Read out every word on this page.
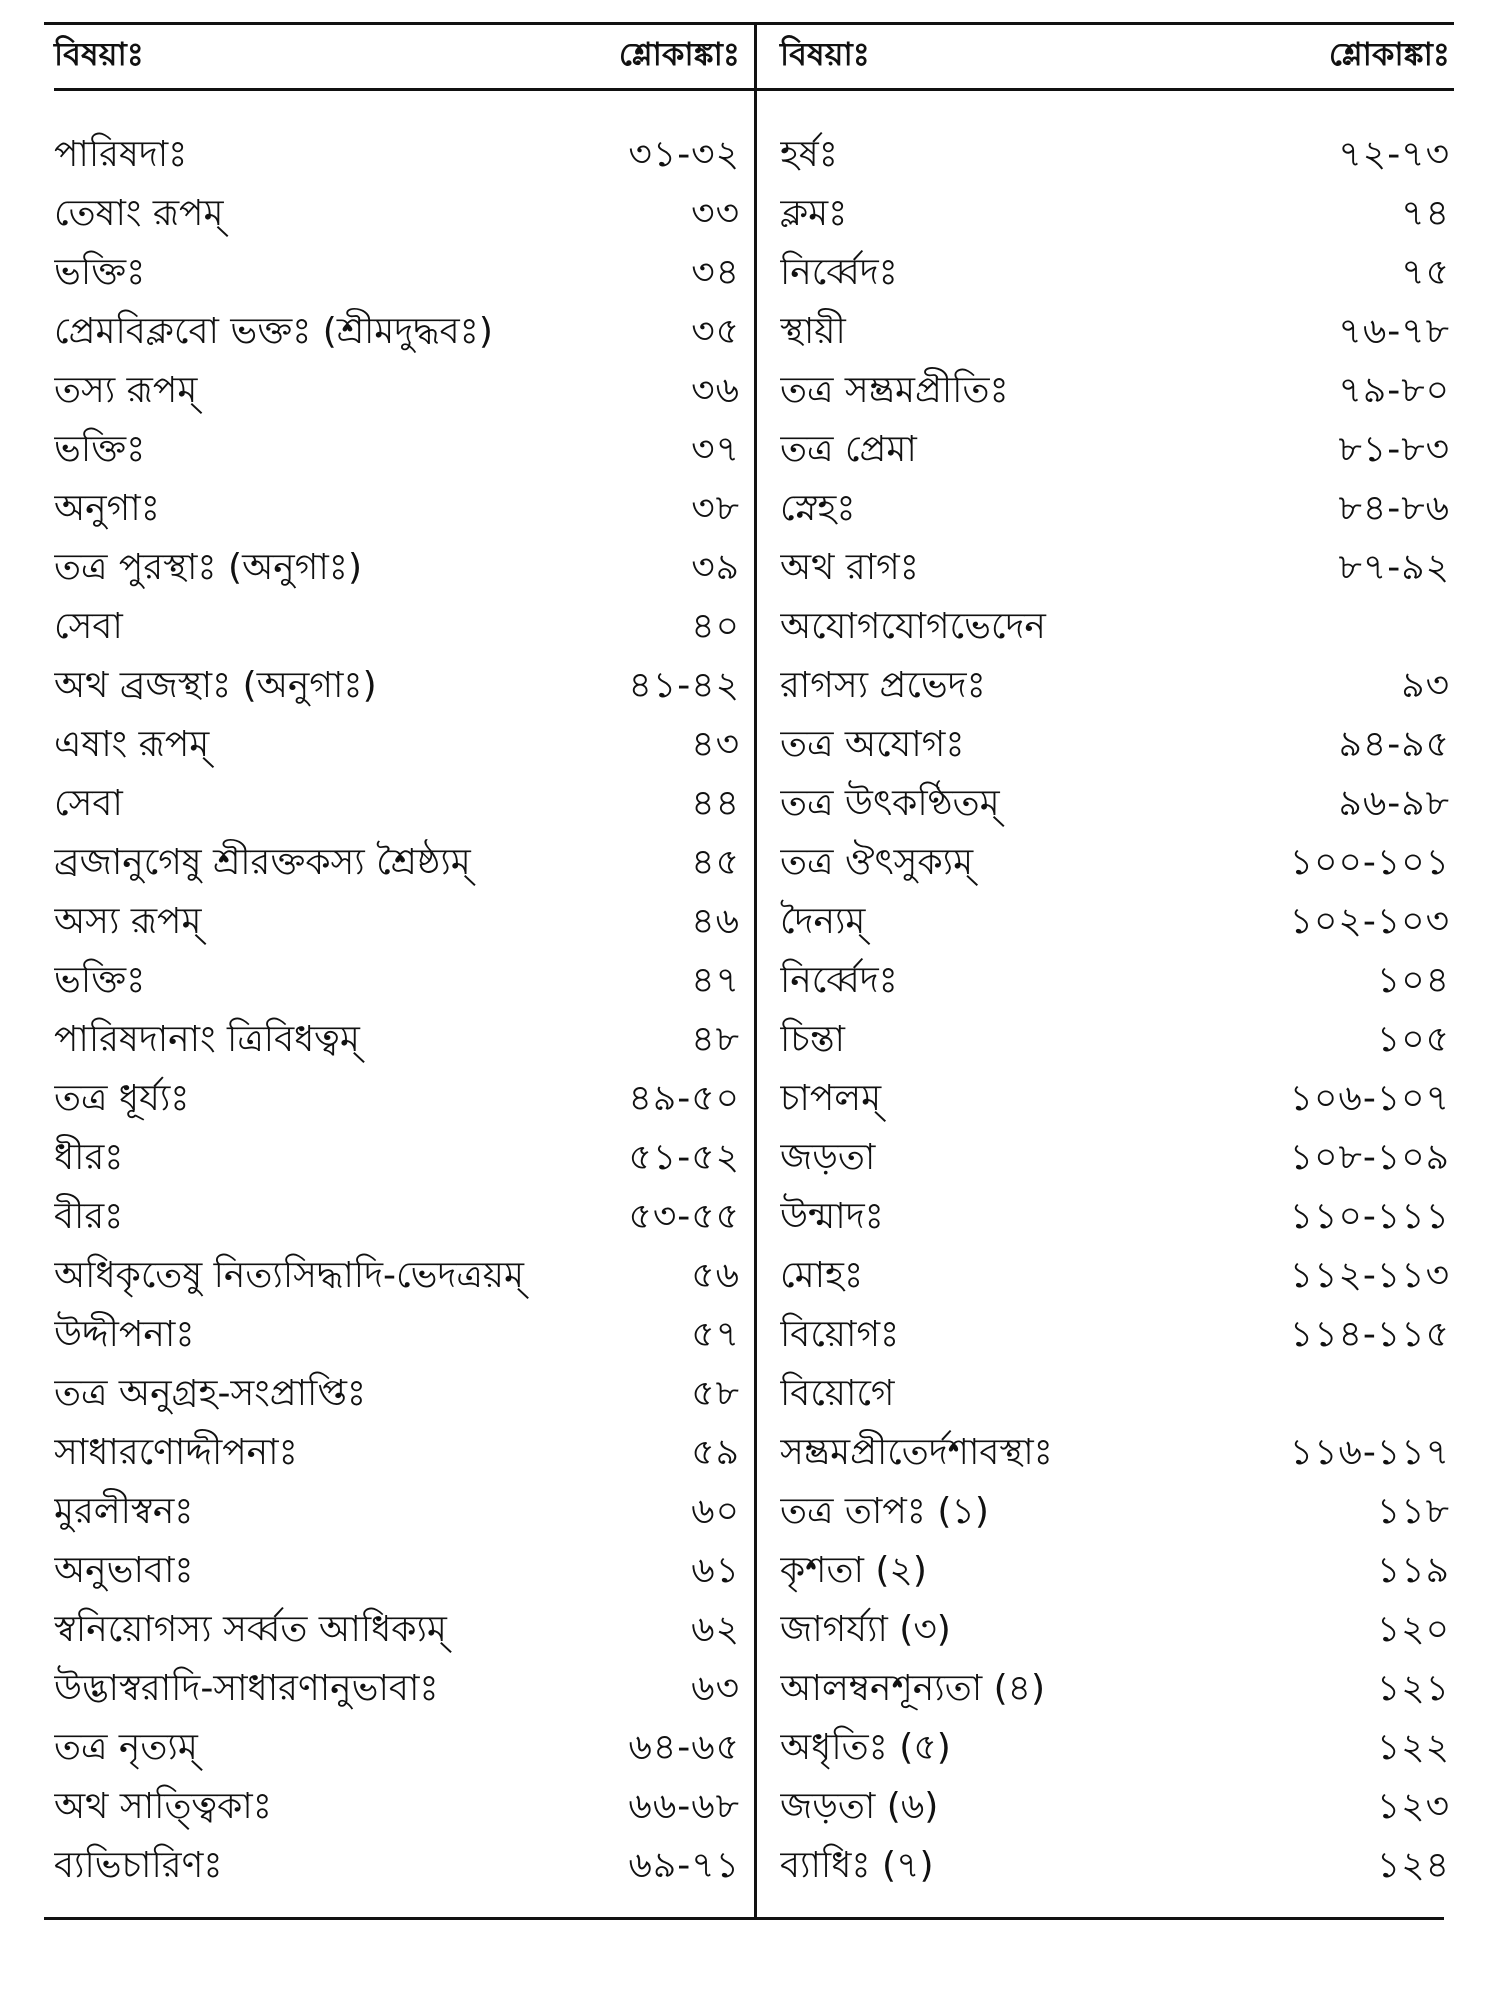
বিষয়াঃ	শ্লোকাঙ্কাঃ
পারিষদাঃ	৩১-৩২
তেষাং রূপম্	৩৩
ভক্তিঃ	৩৪
প্রেমবিক্লবো ভক্তঃ (শ্রীমদুদ্ধবঃ)	৩৫
তস্য রূপম্	৩৬
ভক্তিঃ	৩৭
অনুগাঃ	৩৮
তত্র পুরস্থাঃ (অনুগাঃ)	৩৯
সেবা	৪০
অথ ব্রজস্থাঃ (অনুগাঃ)	৪১-৪২
এষাং রূপম্	৪৩
সেবা	৪৪
ব্রজানুগেষু শ্রীরক্তকস্য শ্রৈষ্ঠ্যম্	৪৫
অস্য রূপম্	৪৬
ভক্তিঃ	৪৭
পারিষদানাং ত্রিবিধত্বম্	৪৮
তত্র ধূর্য্যঃ	৪৯-৫০
ধীরঃ	৫১-৫২
বীরঃ	৫৩-৫৫
অধিকৃতেষু নিত্যসিদ্ধাদি-ভেদত্রয়ম্	৫৬
উদ্দীপনাঃ	৫৭
তত্র অনুগ্রহ-সংপ্রাপ্তিঃ	৫৮
সাধারণোদ্দীপনাঃ	৫৯
মুরলীস্বনঃ	৬০
অনুভাবাঃ	৬১
স্বনিয়োগস্য সর্ব্বত আধিক্যম্	৬২
উদ্ভাস্বরাদি-সাধারণানুভাবাঃ	৬৩
তত্র নৃত্যম্	৬৪-৬৫
অথ সাত্ত্বিকাঃ	৬৬-৬৮
ব্যভিচারিণঃ	৬৯-৭১
বিষয়াঃ	শ্লোকাঙ্কাঃ
হর্ষঃ	৭২-৭৩
ক্লমঃ	৭৪
নির্ব্বেদঃ	৭৫
স্থায়ী	৭৬-৭৮
তত্র সম্ভ্রমপ্রীতিঃ	৭৯-৮০
তত্র প্রেমা	৮১-৮৩
স্নেহঃ	৮৪-৮৬
অথ রাগঃ	৮৭-৯২
অযোগযোগভেদেন
রাগস্য প্রভেদঃ	৯৩
তত্র অযোগঃ	৯৪-৯৫
তত্র উৎকণ্ঠিতম্	৯৬-৯৮
তত্র ঔৎসুক্যম্	১০০-১০১
দৈন্যম্	১০২-১০৩
নির্ব্বেদঃ	১০৪
চিন্তা	১০৫
চাপলম্	১০৬-১০৭
জড়তা	১০৮-১০৯
উন্মাদঃ	১১০-১১১
মোহঃ	১১২-১১৩
বিয়োগঃ	১১৪-১১৫
বিয়োগে
সম্ভ্রমপ্রীতের্দশাবস্থাঃ	১১৬-১১৭
তত্র তাপঃ (১)	১১৮
কৃশতা (২)	১১৯
জাগর্য্যা (৩)	১২০
আলম্বনশূন্যতা (৪)	১২১
অধৃতিঃ (৫)	১২২
জড়তা (৬)	১২৩
ব্যাধিঃ (৭)	১২৪
